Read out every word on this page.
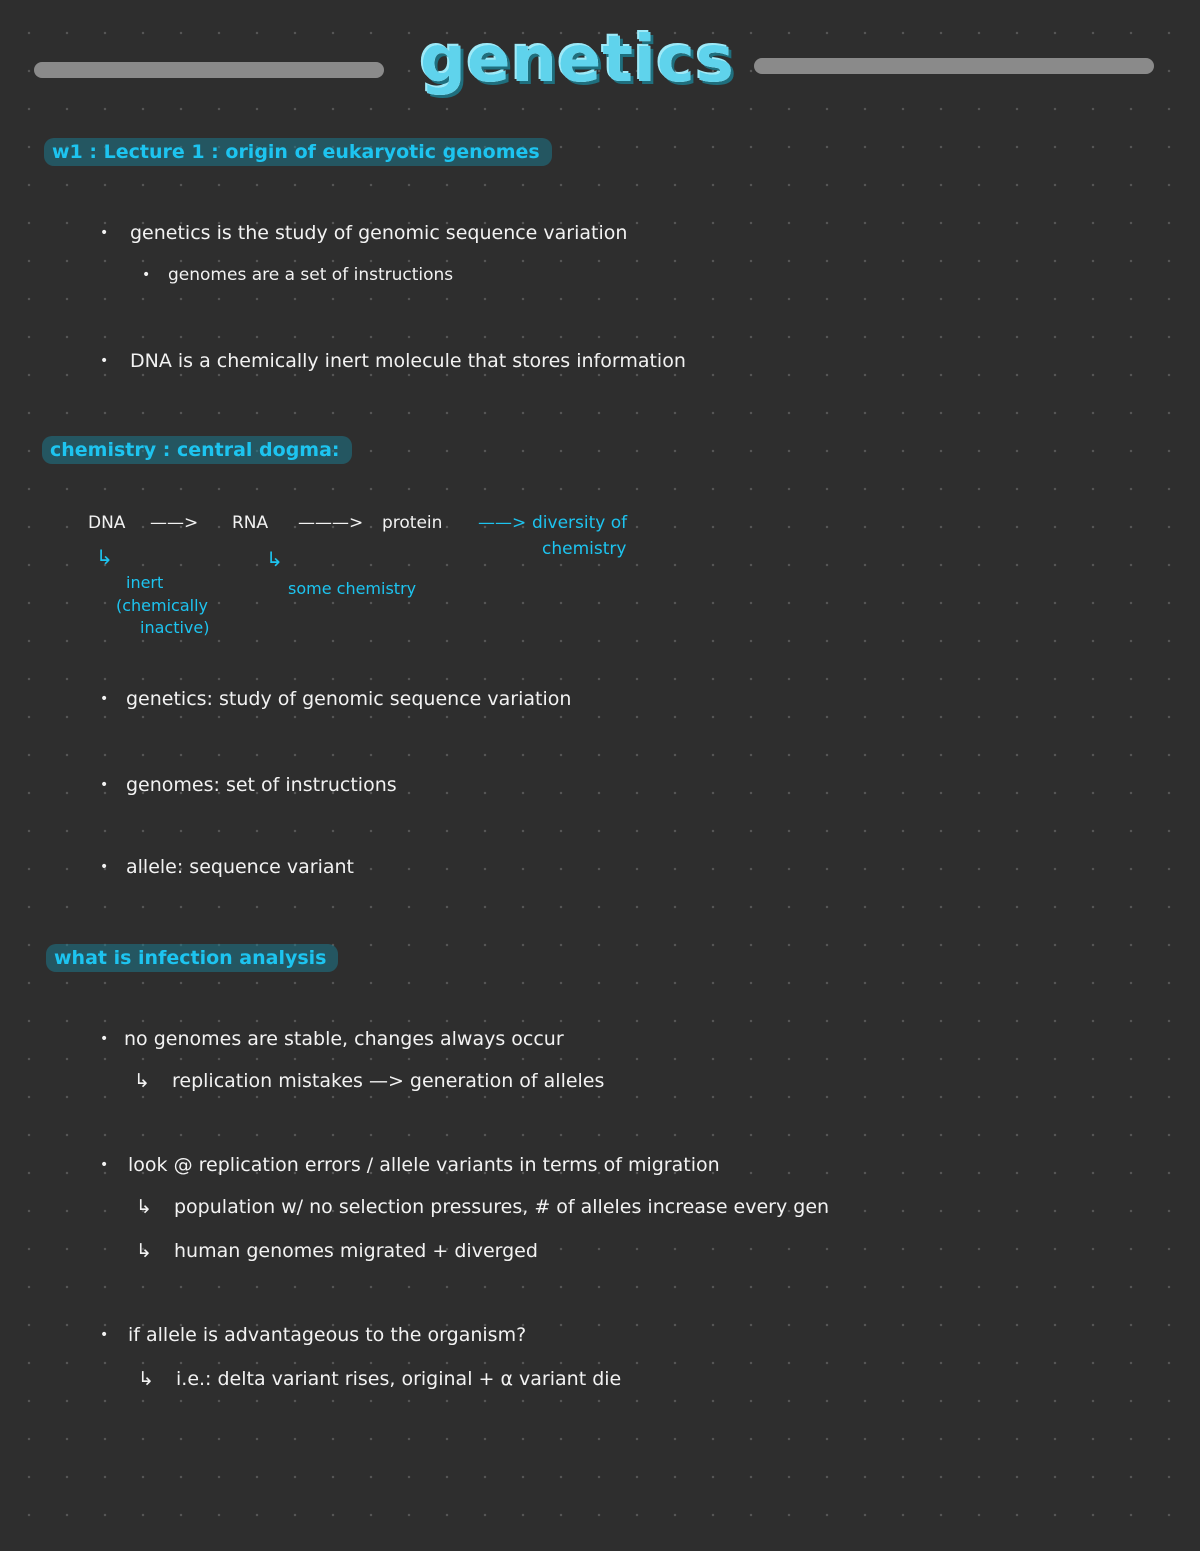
genetics
w1 : Lecture 1 : origin of eukaryotic genomes
• genetics is the study of genomic sequence variation
• genomes are a set of instructions
• DNA is a chemically inert molecule that stores information
chemistry : central dogma:
DNA ——> RNA ———> protein ——> diversity of
chemistry
↳
inert
(chemically
inactive)
↳
some chemistry
• genetics: study of genomic sequence variation
• genomes: set of instructions
• allele: sequence variant
what is infection analysis
• no genomes are stable, changes always occur
↳ replication mistakes —> generation of alleles
• look @ replication errors / allele variants in terms of migration
↳ population w/ no selection pressures, # of alleles increase every gen
↳ human genomes migrated + diverged
• if allele is advantageous to the organism?
↳ i.e.: delta variant rises, original + α variant die
